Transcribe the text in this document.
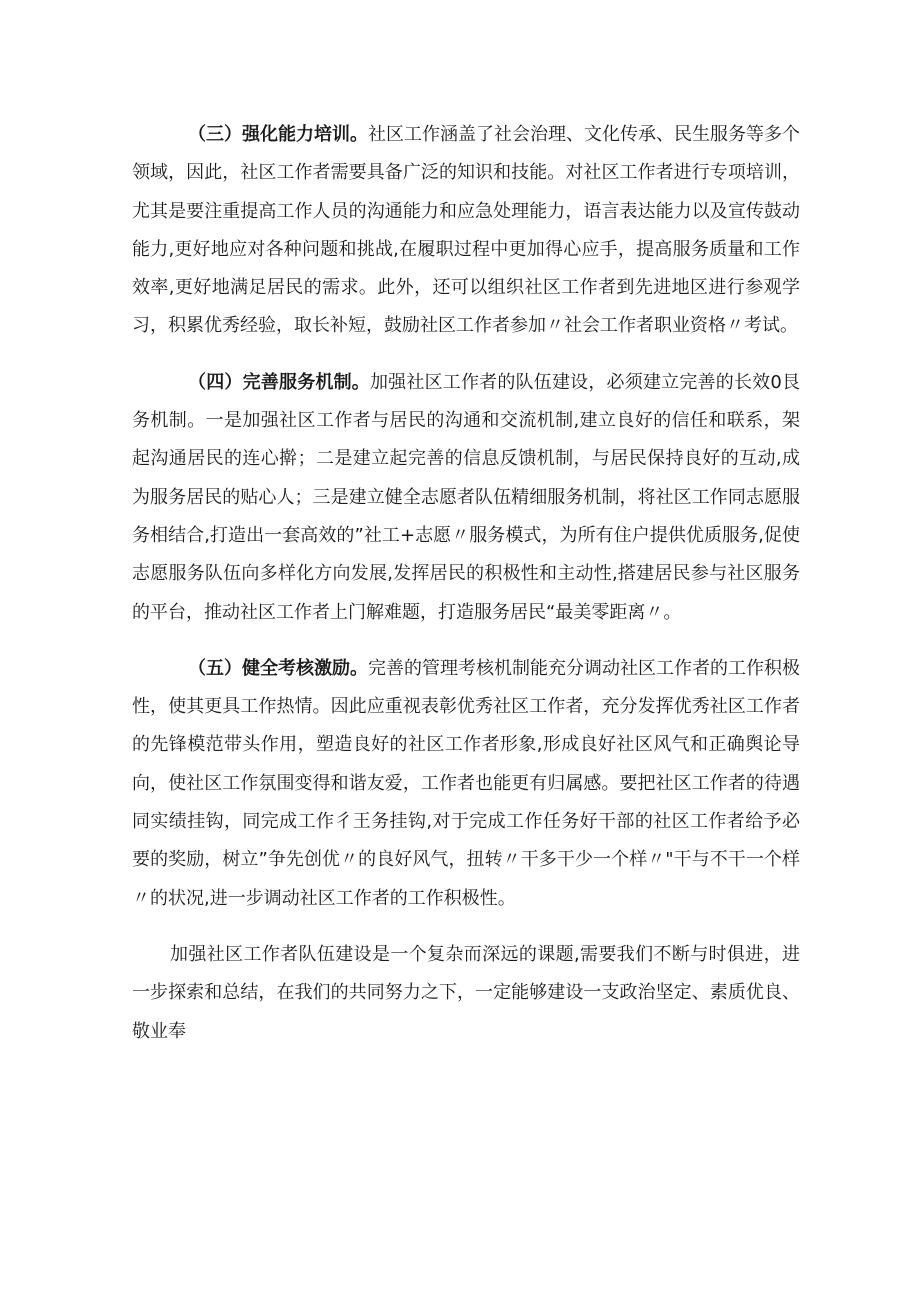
（三）强化能力培训。社区工作涵盖了社会治理、文化传承、民生服务等多个领域，因此，社区工作者需要具备广泛的知识和技能。对社区工作者进行专项培训，尤其是要注重提高工作人员的沟通能力和应急处理能力，语言表达能力以及宣传鼓动能力,更好地应对各种问题和挑战,在履职过程中更加得心应手，提高服务质量和工作效率,更好地满足居民的需求。此外，还可以组织社区工作者到先进地区进行参观学习，积累优秀经验，取长补短，鼓励社区工作者参加〃社会工作者职业资格〃考试。

（四）完善服务机制。加强社区工作者的队伍建设，必须建立完善的长效0艮务机制。一是加强社区工作者与居民的沟通和交流机制,建立良好的信任和联系，架起沟通居民的连心擀；二是建立起完善的信息反馈机制，与居民保持良好的互动,成为服务居民的贴心人；三是建立健全志愿者队伍精细服务机制，将社区工作同志愿服务相结合,打造出一套高效的”社工+志愿〃服务模式，为所有住户提供优质服务,促使志愿服务队伍向多样化方向发展,发挥居民的积极性和主动性,搭建居民参与社区服务的平台，推动社区工作者上门解难题，打造服务居民“最美零距离〃。

（五）健全考核激励。完善的管理考核机制能充分调动社区工作者的工作积极性，使其更具工作热情。因此应重视表彰优秀社区工作者，充分发挥优秀社区工作者的先锋模范带头作用，塑造良好的社区工作者形象,形成良好社区风气和正确舆论导向，使社区工作氛围变得和谐友爱，工作者也能更有归属感。要把社区工作者的待遇同实绩挂钩，同完成工作彳王务挂钩,对于完成工作任务好干部的社区工作者给予必要的奖励，树立”争先创优〃的良好风气，扭转〃干多干少一个样〃"干与不干一个样〃的状况,进一步调动社区工作者的工作积极性。

加强社区工作者队伍建设是一个复杂而深远的课题,需要我们不断与时俱进，进一步探索和总结，在我们的共同努力之下，一定能够建设一支政治坚定、素质优良、敬业奉
